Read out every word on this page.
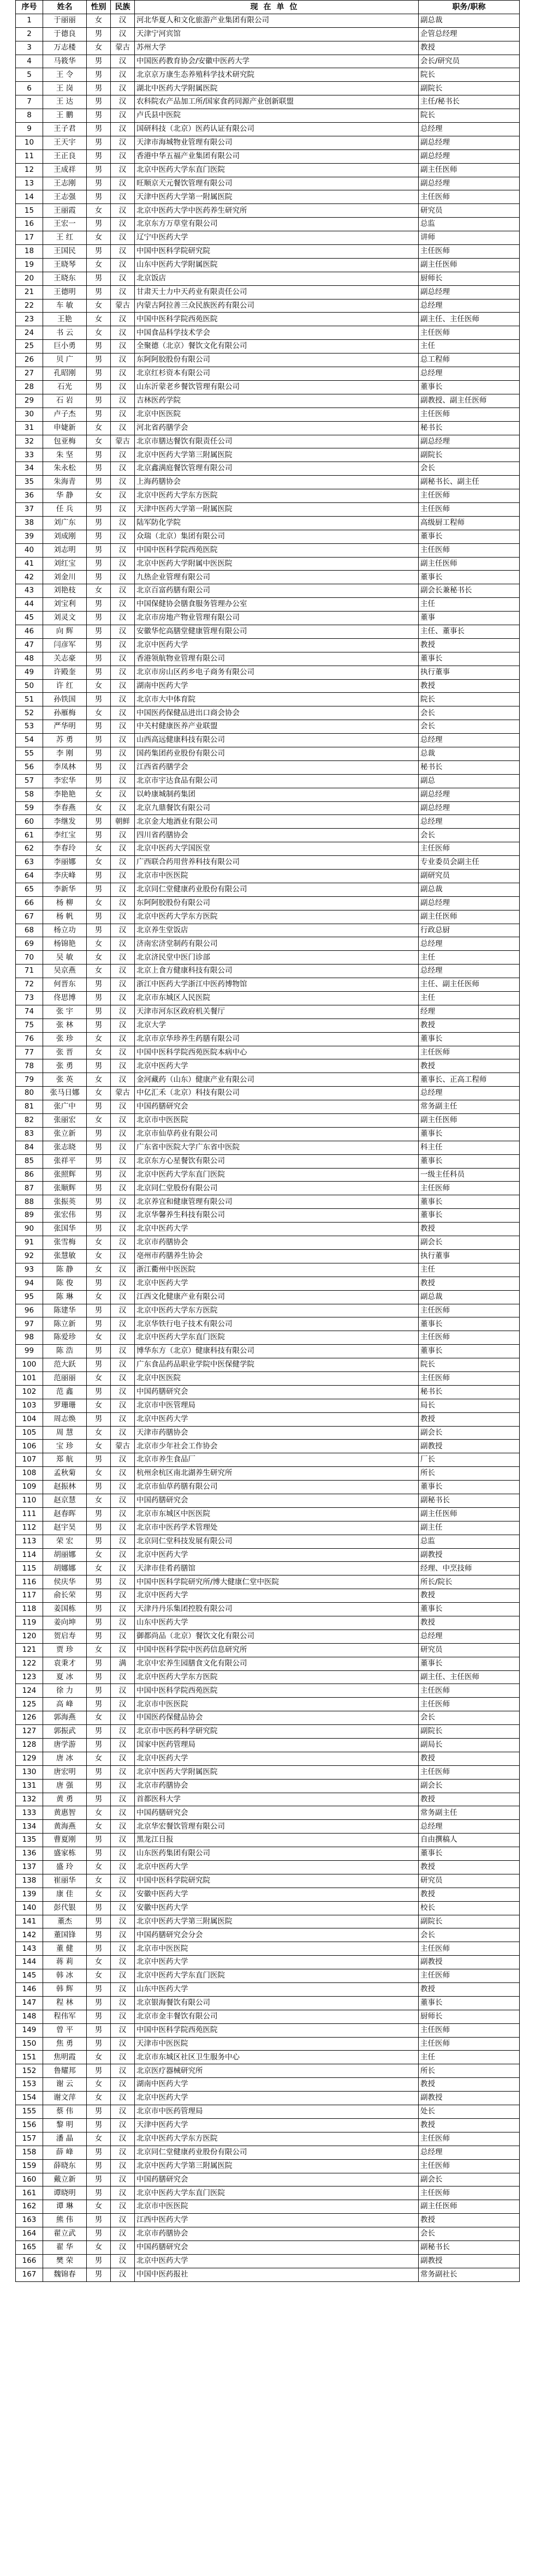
序号	姓名	性别	民族	现在单位	职务/职称
1	于丽丽	女	汉	河北华夏人和文化旅游产业集团有限公司	副总裁
2	于德良	男	汉	天津宁河宾馆	企管总经理
3	万志楼	女	蒙古	苏州大学	教授
4	马筱华	男	汉	中国医药教育协会/安徽中医药大学	会长/研究员
5	王 令	男	汉	北京京万康生态养殖科学技术研究院	院长
6	王 岗	男	汉	湖北中医药大学附属医院	副院长
7	王 达	男	汉	农科院农产品加工所/国家食药同源产业创新联盟	主任/秘书长
8	王 鹏	男	汉	卢氏县中医院	院长
9	王子君	男	汉	国研科技（北京）医药认证有限公司	总经理
10	王天宇	男	汉	天津市海城物业管理有限公司	副总经理
11	王正良	男	汉	香港中华五福产业集团有限公司	副总经理
12	王成祥	男	汉	北京中医药大学东直门医院	副主任医师
13	王志刚	男	汉	旺顺京天元餐饮管理有限公司	副总经理
14	王志强	男	汉	天津中医药大学第一附属医院	主任医师
15	王丽霞	女	汉	北京中医药大学中医药养生研究所	研究员
16	王宏一	男	汉	北京东方万草堂有限公司	总监
17	王 红	女	汉	辽宁中医药大学	讲师
18	王国民	男	汉	中国中医科学院研究院	主任医师
19	王晓琴	女	汉	山东中医药大学附属医院	副主任医师
20	王晓东	男	汉	北京饭店	厨师长
21	王德明	男	汉	甘肃天士力中天药业有限责任公司	副总经理
22	车 敏	女	蒙古	内蒙古阿拉善三众民族医药有限公司	总经理
23	王艳	女	汉	中国中医科学院西苑医院	副主任、主任医师
24	书 云	女	汉	中国食品科学技术学会	主任医师
25	巨小勇	男	汉	全聚德（北京）餐饮文化有限公司	主任
26	贝 广	男	汉	东阿阿胶股份有限公司	总工程师
27	孔昭刚	男	汉	北京红杉资本有限公司	总经理
28	石光	男	汉	山东沂蒙老乡餐饮管理有限公司	董事长
29	石 岩	男	汉	吉林医药学院	副教授、副主任医师
30	卢子杰	男	汉	北京中医医院	主任医师
31	申婕新	女	汉	河北省药膳学会	秘书长
32	包亚梅	女	蒙古	北京市膳达餐饮有限责任公司	副总经理
33	朱 坚	男	汉	北京中医药大学第三附属医院	副院长
34	朱永松	男	汉	北京鑫满庭餐饮管理有限公司	会长
35	朱海青	男	汉	上海药膳协会	副秘书长、副主任
36	华 静	女	汉	北京中医药大学东方医院	主任医师
37	任 兵	男	汉	天津中医药大学第一附属医院	主任医师
38	刘广东	男	汉	陆军防化学院	高级厨工程师
39	刘成刚	男	汉	众瑞（北京）集团有限公司	董事长
40	刘志明	男	汉	中国中医科学院西苑医院	主任医师
41	刘红宝	男	汉	北京中医药大学附属中医医院	副主任医师
42	刘金川	男	汉	九热企业管理有限公司	董事长
43	刘艳枝	女	汉	北京百富药膳有限公司	副会长兼秘书长
44	刘宝利	男	汉	中国保健协会膳食服务管理办公室	主任
45	刘灵文	男	汉	北京市房地产物业管理有限公司	董事
46	向 辉	男	汉	安徽华佗高膳堂健康管理有限公司	主任、董事长
47	闫彦军	男	汉	北京中医药大学	教授
48	关志豪	男	汉	香港领航物业管理有限公司	董事长
49	许殿奎	男	汉	北京市房山区药乡电子商务有限公司	执行董事
50	许 红	女	汉	湖南中医药大学	教授
51	孙铁国	男	汉	北京市大中体育院	院长
52	孙雁梅	女	汉	中国医药保健品进出口商会协会	会长
53	严华明	男	汉	中关村健康医养产业联盟	会长
54	苏 勇	男	汉	山西高远健康科技有限公司	总经理
55	李 刚	男	汉	国药集团药业股份有限公司	总裁
56	李凤林	男	汉	江西省药膳学会	秘书长
57	李宏华	男	汉	北京市宇达食品有限公司	副总
58	李艳艳	女	汉	以岭康城制药集团	副总经理
59	李春燕	女	汉	北京九鼎餐饮有限公司	副总经理
60	李继发	男	朝鲜	北京金大地酒业有限公司	总经理
61	李红宝	男	汉	四川省药膳协会	会长
62	李春玲	女	汉	北京中医药大学国医堂	主任医师
63	李丽娜	女	汉	广西联合药用营养科技有限公司	专业委员会副主任
64	李庆峰	男	汉	北京市中医医院	副研究员
65	李新华	男	汉	北京同仁堂健康药业股份有限公司	副总裁
66	杨 柳	女	汉	东阿阿胶股份有限公司	副总经理
67	杨 帆	男	汉	北京中医药大学东方医院	副主任医师
68	杨立功	男	汉	北京养生堂饭店	行政总厨
69	杨锦艳	女	汉	济南宏济堂制药有限公司	总经理
70	吴 敏	女	汉	北京济民堂中医门诊部	主任
71	吴京燕	女	汉	北京上食方健康科技有限公司	总经理
72	何晋东	男	汉	浙江中医药大学浙江中医药博物馆	主任、副主任医师
73	佟思博	男	汉	北京市东城区人民医院	主任
74	张 宇	男	汉	天津市河东区政府机关餐厅	经理
75	张 林	男	汉	北京大学	教授
76	张 珍	女	汉	北京市京华珍养生药膳有限公司	董事长
77	张 晋	女	汉	中国中医科学院西苑医院本病中心	主任医师
78	张 勇	男	汉	北京中医药大学	教授
79	张 英	女	汉	金河藏药（山东）健康产业有限公司	董事长、正高工程师
80	张马日娜	女	蒙古	中亿汇禾（北京）科技有限公司	总经理
81	张广中	男	汉	中国药膳研究会	常务副主任
82	张丽宏	女	汉	北京市中医医院	副主任医师
83	张立新	男	汉	北京市仙草药业有限公司	董事长
84	张志晓	男	汉	广东省中医院大学广东省中医院	科主任
85	张祥平	男	汉	北京东方心星餐饮有限公司	董事长
86	张照辉	男	汉	北京中医药大学东直门医院	一级主任科员
87	张顺辉	男	汉	北京同仁堂股份有限公司	主任医师
88	张振英	男	汉	北京养宜和健康管理有限公司	董事长
89	张宏伟	男	汉	北京华馨养生科技有限公司	董事长
90	张国华	男	汉	北京中医药大学	教授
91	张雪梅	女	汉	北京市药膳协会	副会长
92	张慧敏	女	汉	亳州市药膳养生协会	执行董事
93	陈 静	女	汉	浙江衢州中医医院	主任
94	陈 俊	男	汉	北京中医药大学	教授
95	陈 琳	女	汉	江西文化健康产业有限公司	副总裁
96	陈建华	男	汉	北京中医药大学东方医院	主任医师
97	陈立新	男	汉	北京华铁行电子技术有限公司	董事长
98	陈爱珍	女	汉	北京中医药大学东直门医院	主任医师
99	陈 浩	男	汉	博华东方（北京）健康科技有限公司	董事长
100	范大跃	男	汉	广东食品药品职业学院中医保健学院	院长
101	范丽丽	女	汉	北京中医医院	主任医师
102	范 鑫	男	汉	中国药膳研究会	秘书长
103	罗珊珊	女	汉	北京市中医管理局	局长
104	周志焕	男	汉	北京中医药大学	教授
105	周 慧	女	汉	天津市药膳协会	副会长
106	宝 珍	女	蒙古	北京市少年社会工作协会	副教授
107	郑 航	男	汉	北京市养生食品厂	厂长
108	孟秋菊	女	汉	杭州余杭区南北湖养生研究所	所长
109	赵振林	男	汉	北京市仙草药膳有限公司	董事长
110	赵京慧	女	汉	中国药膳研究会	副秘书长
111	赵春晖	男	汉	北京市东城区中医医院	副主任医师
112	赵宇昊	男	汉	北京市中医药学术管理处	副主任
113	荣 宏	男	汉	北京同仁堂科技发展有限公司	总监
114	胡丽娜	女	汉	北京中医药大学	副教授
115	胡娜娜	女	汉	天津市佳肴药膳馆	经理、中烹技师
116	侯庆华	男	汉	中国中医科学院研究所/博大健康仁堂中医院	所长/院长
117	俞长荣	男	汉	北京中医药大学	教授
118	姜国栋	男	汉	天津丹丹乐集团控股有限公司	董事长
119	姜向坤	男	汉	山东中医药大学	教授
120	贺启寿	男	汉	御都尚品（北京）餐饮文化有限公司	总经理
121	贾 珍	女	汉	中国中医科学院中医药信息研究所	研究员
122	袁秉才	男	满	北京中宏养生园膳食文化有限公司	董事长
123	夏 冰	男	汉	北京中医药大学东方医院	副主任、主任医师
124	徐 力	男	汉	中国中医科学院西苑医院	主任医师
125	高 峰	男	汉	北京市中医医院	主任医师
126	郭海燕	女	汉	中国医药保健品协会	会长
127	郭振武	男	汉	北京市中医药科学研究院	副院长
128	唐学游	男	汉	国家中医药管理局	副局长
129	唐 冰	女	汉	北京中医药大学	教授
130	唐宏明	男	汉	北京中医药大学附属医院	主任医师
131	唐 强	男	汉	北京市药膳协会	副会长
132	黄 勇	男	汉	首都医科大学	教授
133	黄惠智	女	汉	中国药膳研究会	常务副主任
134	黄海燕	女	汉	北京华宏餐饮管理有限公司	总经理
135	曹夏刚	男	汉	黑龙江日报	自由撰稿人
136	盛家栋	男	汉	山东医药集团有限公司	董事长
137	盛 玲	女	汉	北京中医药大学	教授
138	崔丽华	女	汉	中国中医科学院研究院	研究员
139	康 佳	女	汉	安徽中医药大学	教授
140	彭代银	男	汉	安徽中医药大学	校长
141	董杰	男	汉	北京中医药大学第三附属医院	副院长
142	董国锋	男	汉	中国药膳研究会分会	会长
143	董 健	男	汉	北京市中医医院	主任医师
144	蒋 莉	女	汉	北京中医药大学	副教授
145	韩 冰	女	汉	北京中医药大学东直门医院	主任医师
146	韩 辉	男	汉	山东中医药大学	教授
147	程 林	男	汉	北京银海餐饮有限公司	董事长
148	程伟军	男	汉	北京市金丰餐饮有限公司	厨师长
149	曾 平	男	汉	中国中医科学院西苑医院	主任医师
150	焦 勇	男	汉	天津市中医医院	主任医师
151	焦明霞	女	汉	北京市东城区社区卫生服务中心	主任
152	鲁耀邦	男	汉	北京医疗器械研究所	所长
153	谢 云	女	汉	湖南中医药大学	教授
154	谢文萍	女	汉	北京中医药大学	副教授
155	蔡 伟	男	汉	北京市中医药管理局	处长
156	黎 明	男	汉	天津中医药大学	教授
157	潘 晶	女	汉	北京中医药大学东方医院	主任医师
158	薛 峰	男	汉	北京同仁堂健康药业股份有限公司	总经理
159	薛晓东	男	汉	北京中医药大学第三附属医院	主任医师
160	戴立新	男	汉	中国药膳研究会	副会长
161	谭晓明	男	汉	北京中医药大学东直门医院	主任医师
162	谭 琳	女	汉	北京市中医医院	副主任医师
163	熊 伟	男	汉	江西中医药大学	教授
164	翟立武	男	汉	北京市药膳协会	会长
165	翟 华	女	汉	中国药膳研究会	副秘书长
166	樊 荣	男	汉	北京中医药大学	副教授
167	魏锦春	男	汉	中国中医药报社	常务副社长
